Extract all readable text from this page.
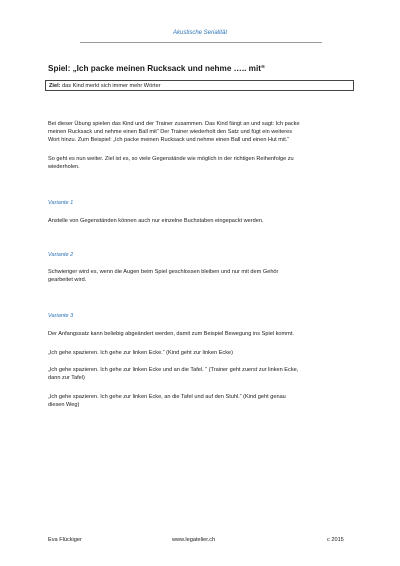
Akustische Serialität
Spiel: „Ich packe meinen Rucksack und nehme ….. mit“
Ziel: das Kind merkt sich immer mehr Wörter
Bei dieser Übung spielen das Kind und der Trainer zusammen. Das Kind fängt an und sagt: Ich packe
meinen Rucksack und nehme einen Ball mit“ Der Trainer wiederholt den Satz und fügt ein weiteres
Wort hinzu. Zum Beispiel: „Ich packe meinen Rucksack und nehme einen Ball und einen Hut mit.“
So geht es nun weiter. Ziel ist es, so viele Gegenstände wie möglich in der richtigen Reihenfolge zu
wiederholen.
Variante 1
Anstelle von Gegenständen können auch nur einzelne Buchstaben eingepackt werden.
Variante 2
Schwieriger wird es, wenn die Augen beim Spiel geschlossen bleiben und nur mit dem Gehör
gearbeitet wird.
Variante 3
Der Anfangssatz kann beliebig abgeändert werden, damit zum Beispiel Bewegung ins Spiel kommt.
„Ich gehe spazieren. Ich gehe zur linken Ecke.“ (Kind geht zur linken Ecke)
„Ich gehe spazieren. Ich gehe zur linken Ecke und an die Tafel. “ (Trainer geht zuerst zur linken Ecke,
dann zur Tafel)
„Ich gehe spazieren. Ich gehe zur linken Ecke, an die Tafel und auf den Stuhl.“ (Kind geht genau
diesen Weg)
Eva Flückiger	www.legatelier.ch	c 2015
